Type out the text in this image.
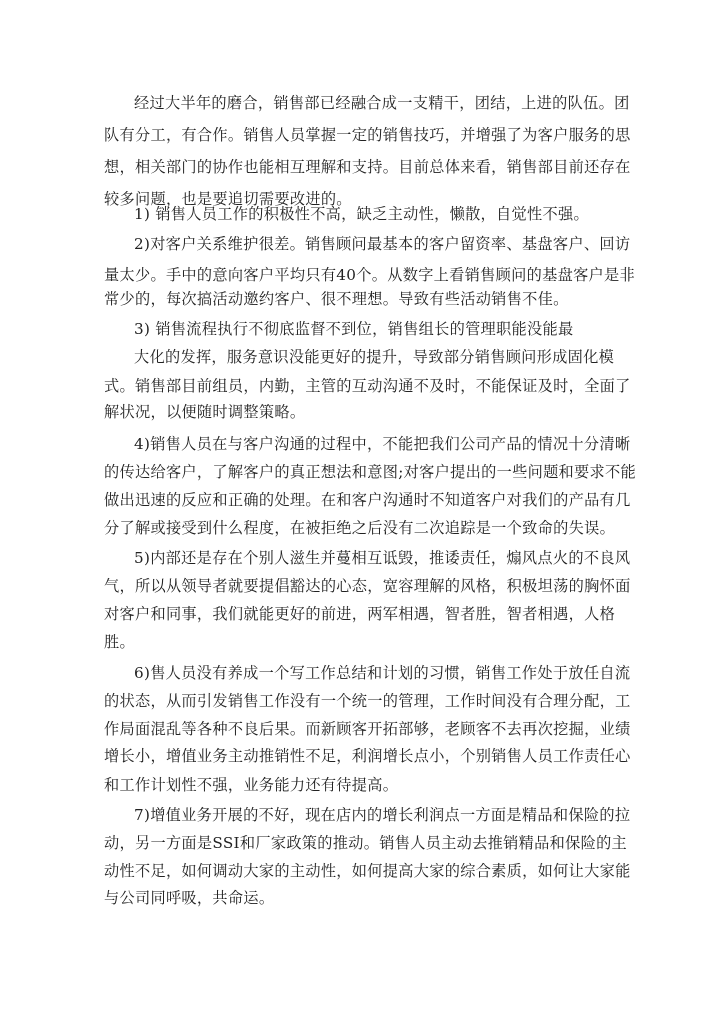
经过大半年的磨合，销售部已经融合成一支精干，团结，上进的队伍。团
队有分工，有合作。销售人员掌握一定的销售技巧，并增强了为客户服务的思
想，相关部门的协作也能相互理解和支持。目前总体来看，销售部目前还存在
较多问题，也是要追切需要改进的。
1) 销售人员工作的积极性不高，缺乏主动性，懒散，自觉性不强。
2)对客户关系维护很差。销售顾问最基本的客户留资率、基盘客户、回访
量太少。手中的意向客户平均只有40个。从数字上看销售顾问的基盘客户是非
常少的，每次搞活动邀约客户、很不理想。导致有些活动销售不佳。
3) 销售流程执行不彻底监督不到位，销售组长的管理职能没能最
大化的发挥，服务意识没能更好的提升，导致部分销售顾问形成固化模
式。销售部目前组员，内勤，主管的互动沟通不及时，不能保证及时，全面了
解状况，以便随时调整策略。
4)销售人员在与客户沟通的过程中，不能把我们公司产品的情况十分清晰
的传达给客户，了解客户的真正想法和意图;对客户提出的一些问题和要求不能
做出迅速的反应和正确的处理。在和客户沟通时不知道客户对我们的产品有几
分了解或接受到什么程度，在被拒绝之后没有二次追踪是一个致命的失误。
5)内部还是存在个别人滋生并蔓相互诋毁，推诿责任，煽风点火的不良风
气，所以从领导者就要提倡豁达的心态，宽容理解的风格，积极坦荡的胸怀面
对客户和同事，我们就能更好的前进，两军相遇，智者胜，智者相遇，人格
胜。
6)售人员没有养成一个写工作总结和计划的习惯，销售工作处于放任自流
的状态，从而引发销售工作没有一个统一的管理，工作时间没有合理分配，工
作局面混乱等各种不良后果。而新顾客开拓部够，老顾客不去再次挖掘，业绩
增长小，增值业务主动推销性不足，利润增长点小，个别销售人员工作责任心
和工作计划性不强，业务能力还有待提高。
7)增值业务开展的不好，现在店内的增长利润点一方面是精品和保险的拉
动，另一方面是SSI和厂家政策的推动。销售人员主动去推销精品和保险的主
动性不足，如何调动大家的主动性，如何提高大家的综合素质，如何让大家能
与公司同呼吸，共命运。
